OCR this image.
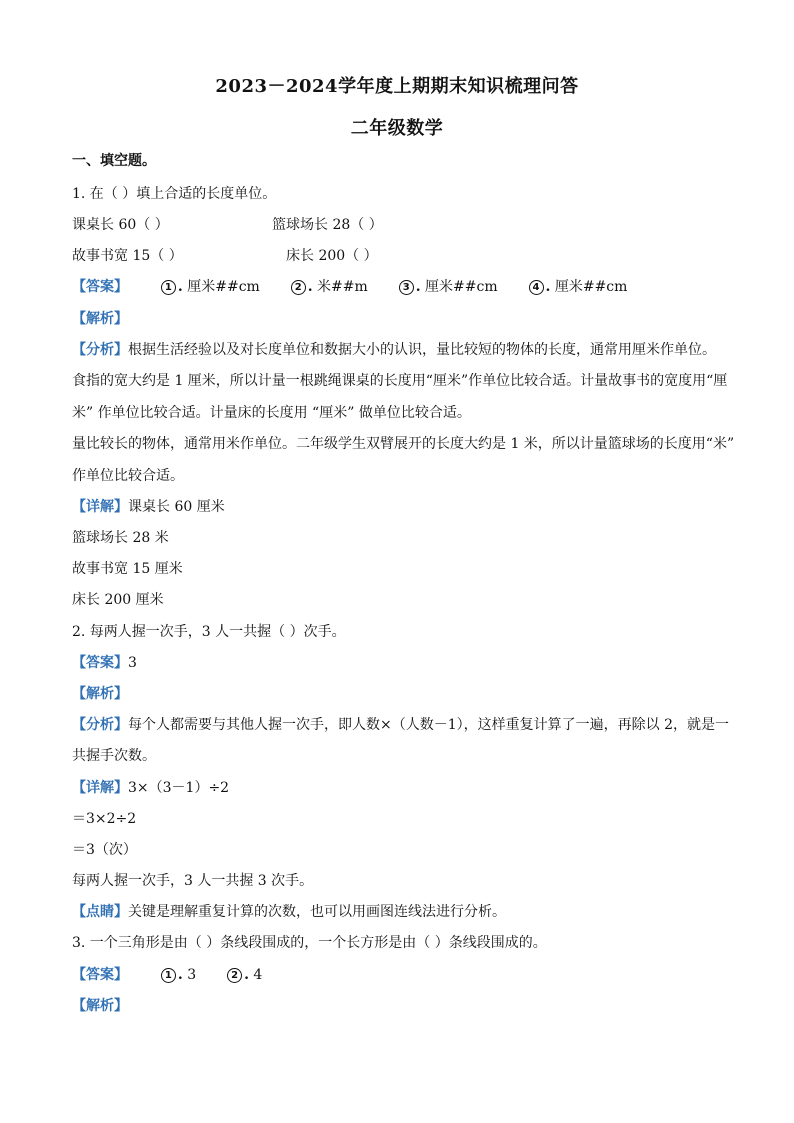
2023－2024学年度上期期末知识梳理问答
二年级数学
一、填空题。
1. 在（ ）填上合适的长度单位。
课桌长 60（ ）	篮球场长 28（ ）
故事书宽 15（ ）	床长 200（ ）
【答案】	1 . 厘米##cm	2 . 米##m	3 . 厘米##cm	4 . 厘米##cm
【解析】
【分析】根据生活经验以及对长度单位和数据大小的认识，量比较短的物体的长度，通常用厘米作单位。
食指的宽大约是 1 厘米，所以计量一根跳绳课桌的长度用“厘米”作单位比较合适。计量故事书的宽度用“厘
米” 作单位比较合适。计量床的长度用 “厘米” 做单位比较合适。
量比较长的物体，通常用米作单位。二年级学生双臂展开的长度大约是 1 米，所以计量篮球场的长度用“米”
作单位比较合适。
【详解】课桌长 60 厘米
篮球场长 28 米
故事书宽 15 厘米
床长 200 厘米
2. 每两人握一次手，3 人一共握（ ）次手。
【答案】3
【解析】
【分析】每个人都需要与其他人握一次手，即人数×（人数－1），这样重复计算了一遍，再除以 2，就是一
共握手次数。
【详解】3×（3－1）÷2
＝3×2÷2
＝3（次）
每两人握一次手，3 人一共握 3 次手。
【点睛】关键是理解重复计算的次数，也可以用画图连线法进行分析。
3. 一个三角形是由（ ）条线段围成的，一个长方形是由（ ）条线段围成的。
【答案】	1 . 3	2 . 4
【解析】
